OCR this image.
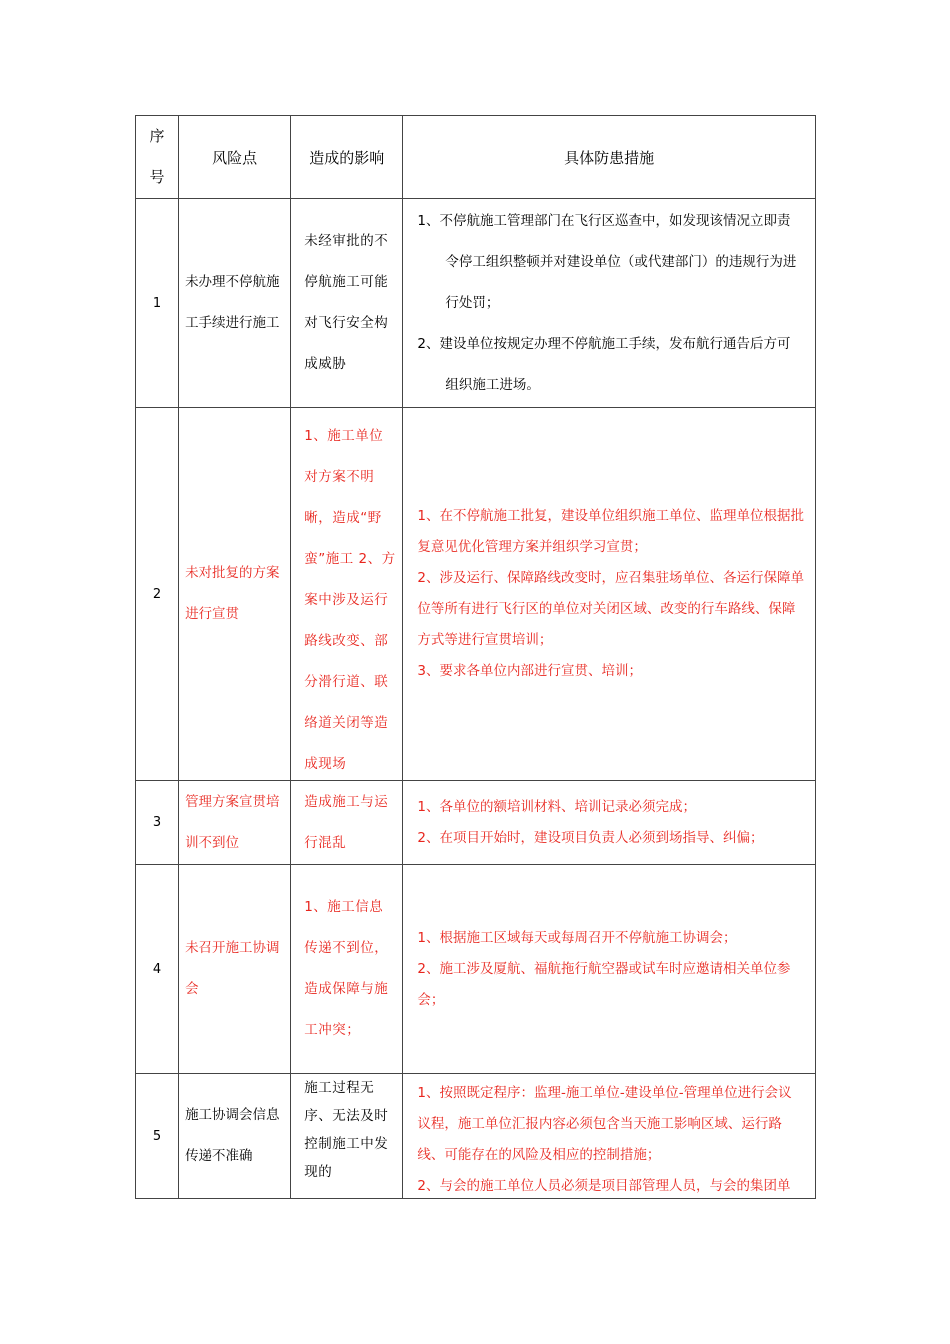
序号	风险点	造成的影响	具体防患措施
1	未办理不停航施工手续进行施工	未经审批的不停航施工可能对飞行安全构成威胁	1、不停航施工管理部门在飞行区巡查中，如发现该情况立即责

令停工组织整顿并对建设单位（或代建部门）的违规行为进行处罚；

2、建设单位按规定办理不停航施工手续，发布航行通告后方可

组织施工进场。

2	未对批复的方案进行宣贯	1、施工单位对方案不明晰，造成“野蛮”施工 2、方案中涉及运行路线改变、部分滑行道、联络道关闭等造成现场	1、在不停航施工批复，建设单位组织施工单位、监理单位根据批复意见优化管理方案并组织学习宣贯；

2、涉及运行、保障路线改变时，应召集驻场单位、各运行保障单位等所有进行飞行区的单位对关闭区域、改变的行车路线、保障方式等进行宣贯培训；

3、要求各单位内部进行宣贯、培训；

3	管理方案宣贯培训不到位	造成施工与运行混乱	1、各单位的额培训材料、培训记录必须完成；

2、在项目开始时，建设项目负责人必须到场指导、纠偏；

4	未召开施工协调会	1、施工信息传递不到位，造成保障与施工冲突；	1、根据施工区域每天或每周召开不停航施工协调会；

2、施工涉及厦航、福航拖行航空器或试车时应邀请相关单位参会；

5	施工协调会信息传递不准确	施工过程无序、无法及时控制施工中发现的	1、按照既定程序：监理-施工单位-建设单位-管理单位进行会议议程，施工单位汇报内容必须包含当天施工影响区域、运行路线、可能存在的风险及相应的控制措施；

2、与会的施工单位人员必须是项目部管理人员，与会的集团单
